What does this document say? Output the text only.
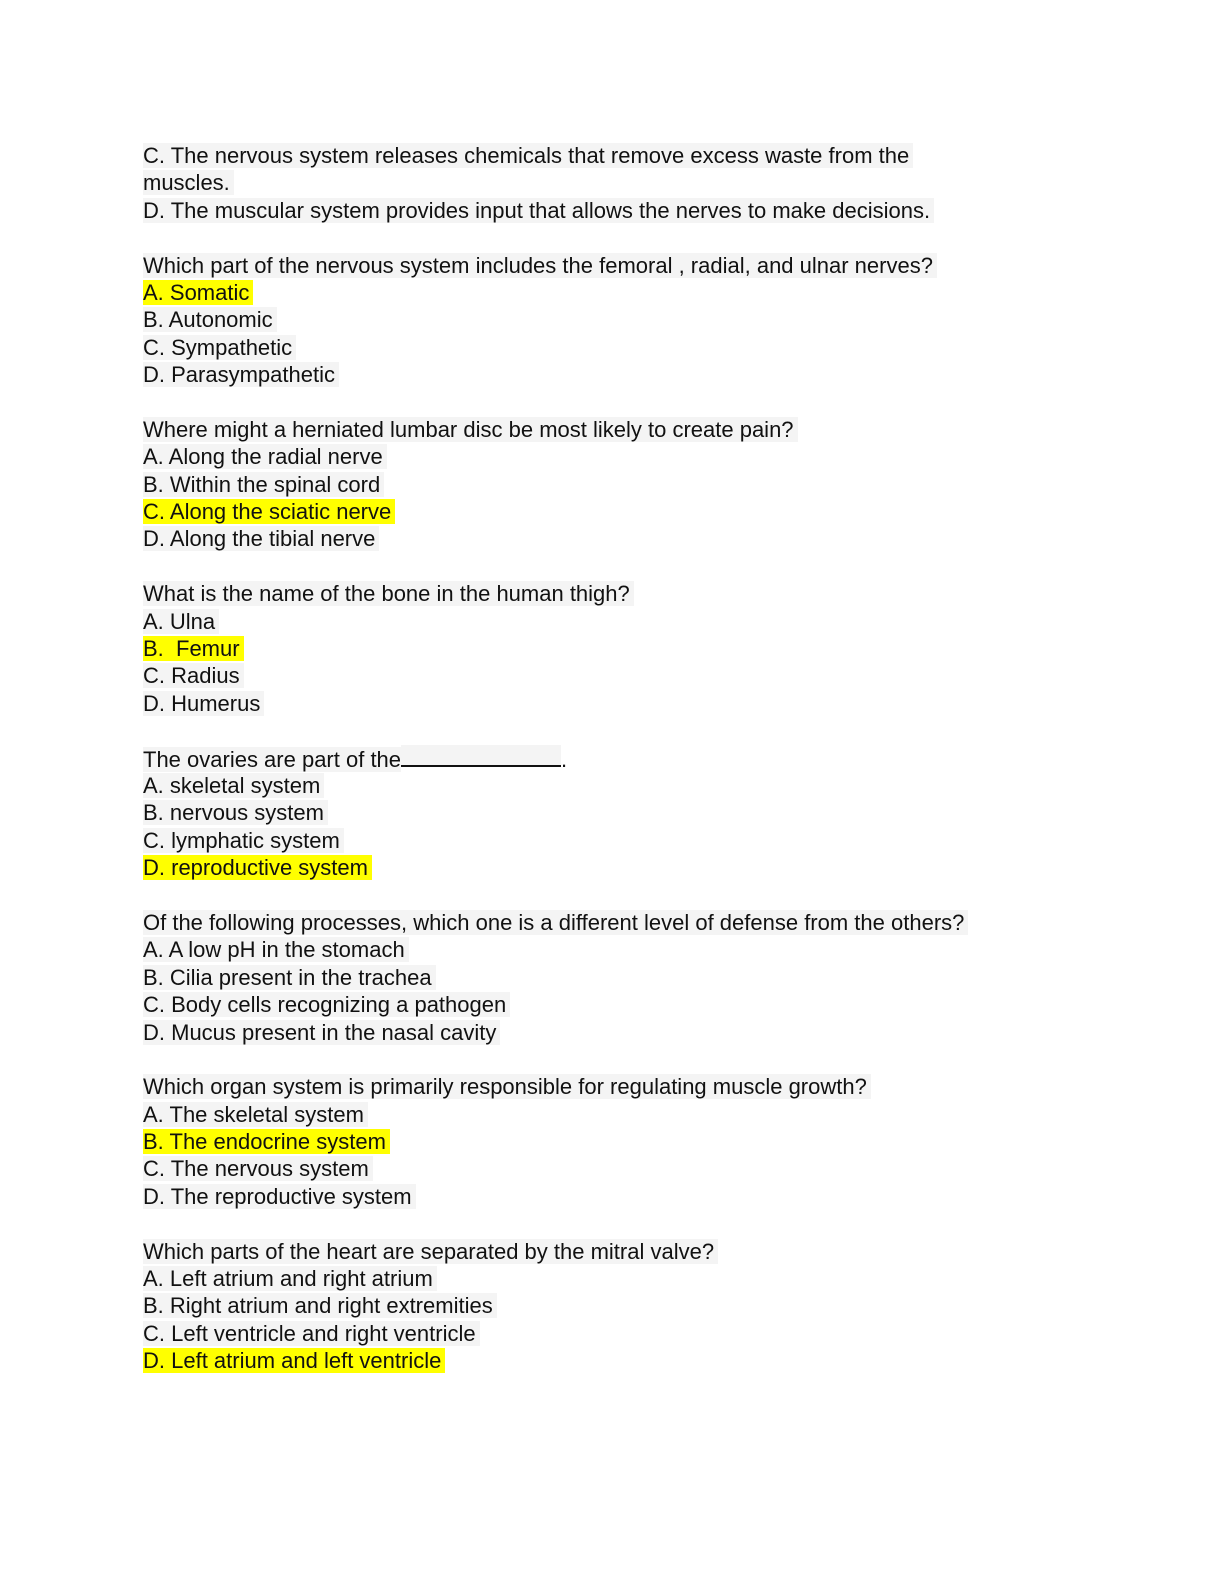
C. The nervous system releases chemicals that remove excess waste from the
muscles.
D. The muscular system provides input that allows the nerves to make decisions.
Which part of the nervous system includes the femoral , radial, and ulnar nerves?
A. Somatic
B. Autonomic
C. Sympathetic
D. Parasympathetic
Where might a herniated lumbar disc be most likely to create pain?
A. Along the radial nerve
B. Within the spinal cord
C. Along the sciatic nerve
D. Along the tibial nerve
What is the name of the bone in the human thigh?
A. Ulna
B.  Femur
C. Radius
D. Humerus
The ovaries are part of the	.
A. skeletal system
B. nervous system
C. lymphatic system
D. reproductive system
Of the following processes, which one is a different level of defense from the others?
A. A low pH in the stomach
B. Cilia present in the trachea
C. Body cells recognizing a pathogen
D. Mucus present in the nasal cavity
Which organ system is primarily responsible for regulating muscle growth?
A. The skeletal system
B. The endocrine system
C. The nervous system
D. The reproductive system
Which parts of the heart are separated by the mitral valve?
A. Left atrium and right atrium
B. Right atrium and right extremities
C. Left ventricle and right ventricle
D. Left atrium and left ventricle
